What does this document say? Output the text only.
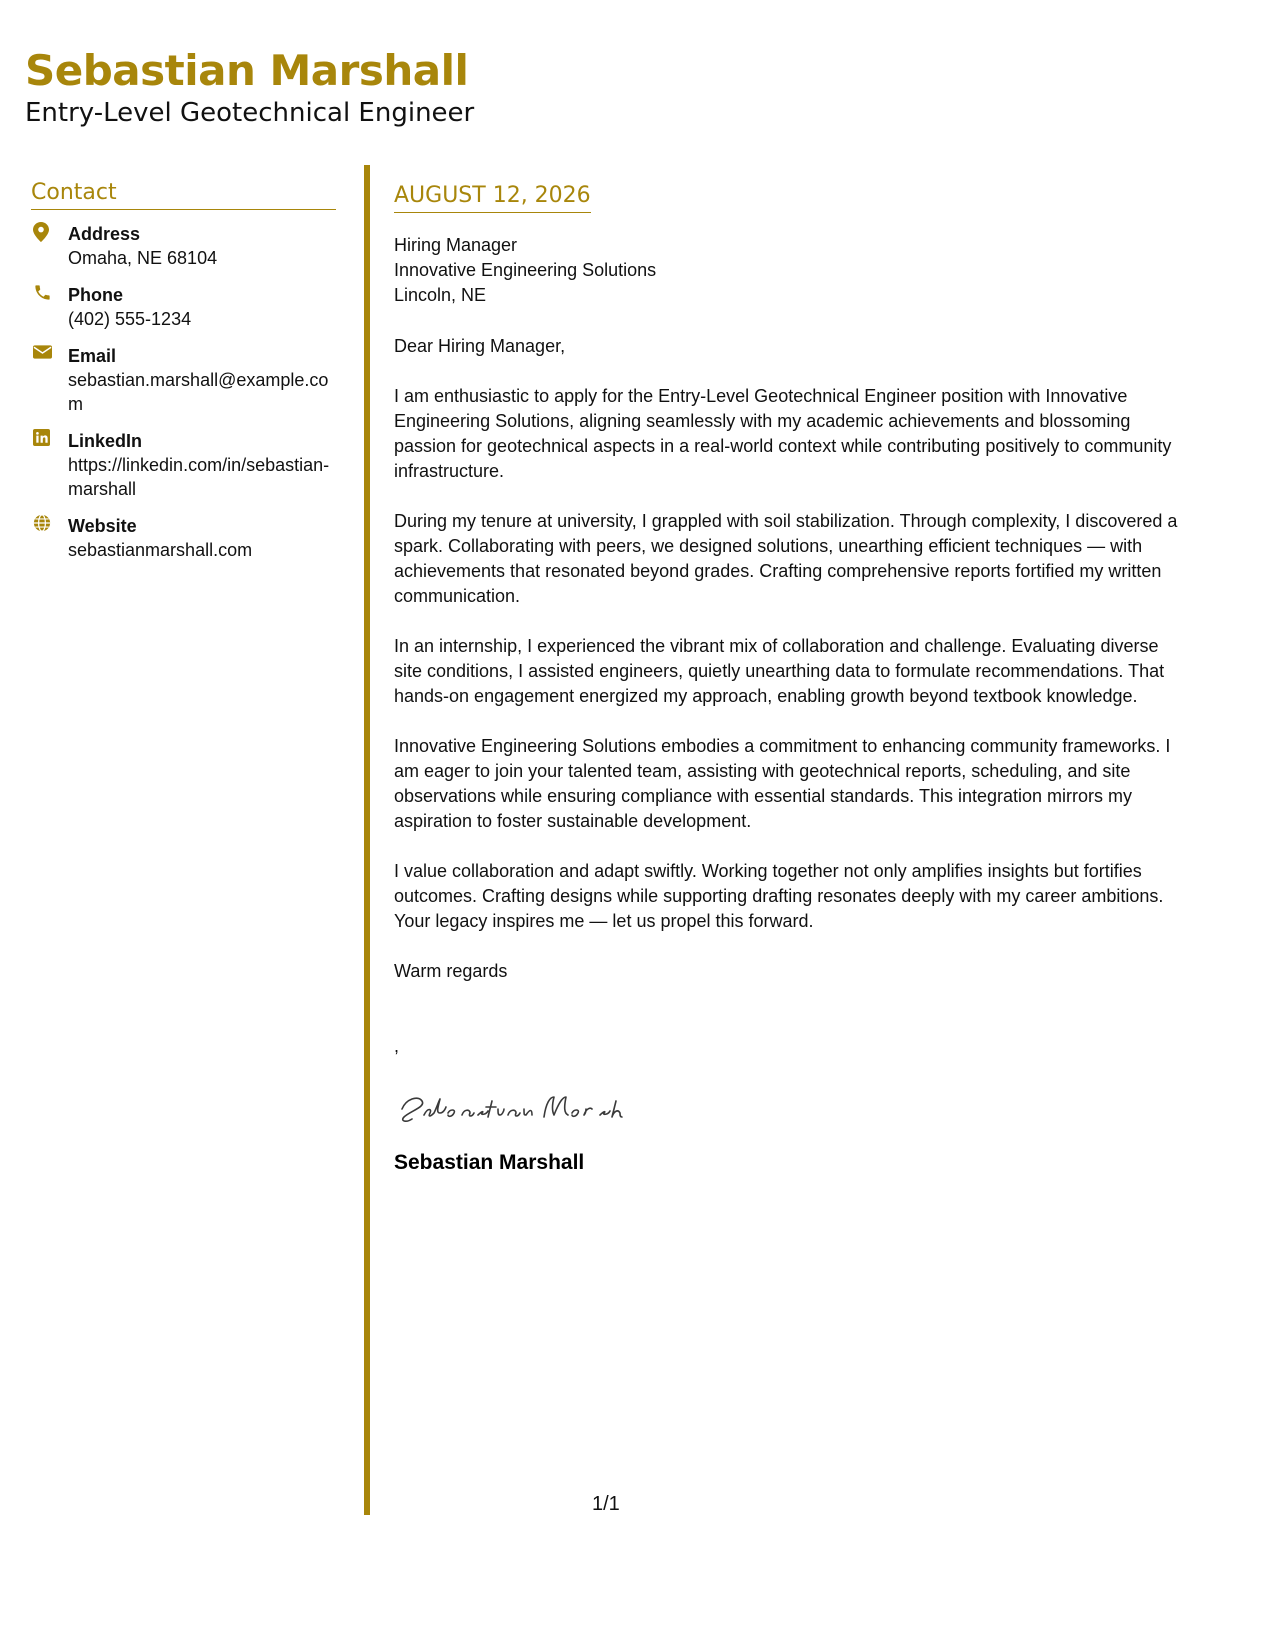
Sebastian Marshall
Entry-Level Geotechnical Engineer
Contact
Address
Omaha, NE 68104
Phone
(402) 555-1234
Email
sebastian.marshall@example.com
LinkedIn
https://linkedin.com/in/sebastian-marshall
Website
sebastianmarshall.com
AUGUST 12, 2026
Hiring Manager
Innovative Engineering Solutions
Lincoln, NE
Dear Hiring Manager,
I am enthusiastic to apply for the Entry-Level Geotechnical Engineer position with Innovative Engineering Solutions, aligning seamlessly with my academic achievements and blossoming passion for geotechnical aspects in a real-world context while contributing positively to community infrastructure.
During my tenure at university, I grappled with soil stabilization. Through complexity, I discovered a spark. Collaborating with peers, we designed solutions, unearthing efficient techniques — with achievements that resonated beyond grades. Crafting comprehensive reports fortified my written communication.
In an internship, I experienced the vibrant mix of collaboration and challenge. Evaluating diverse site conditions, I assisted engineers, quietly unearthing data to formulate recommendations. That hands-on engagement energized my approach, enabling growth beyond textbook knowledge.
Innovative Engineering Solutions embodies a commitment to enhancing community frameworks. I am eager to join your talented team, assisting with geotechnical reports, scheduling, and site observations while ensuring compliance with essential standards. This integration mirrors my aspiration to foster sustainable development.
I value collaboration and adapt swiftly. Working together not only amplifies insights but fortifies outcomes. Crafting designs while supporting drafting resonates deeply with my career ambitions. Your legacy inspires me — let us propel this forward.
Warm regards
,
Sebastian Marshall
1/1
